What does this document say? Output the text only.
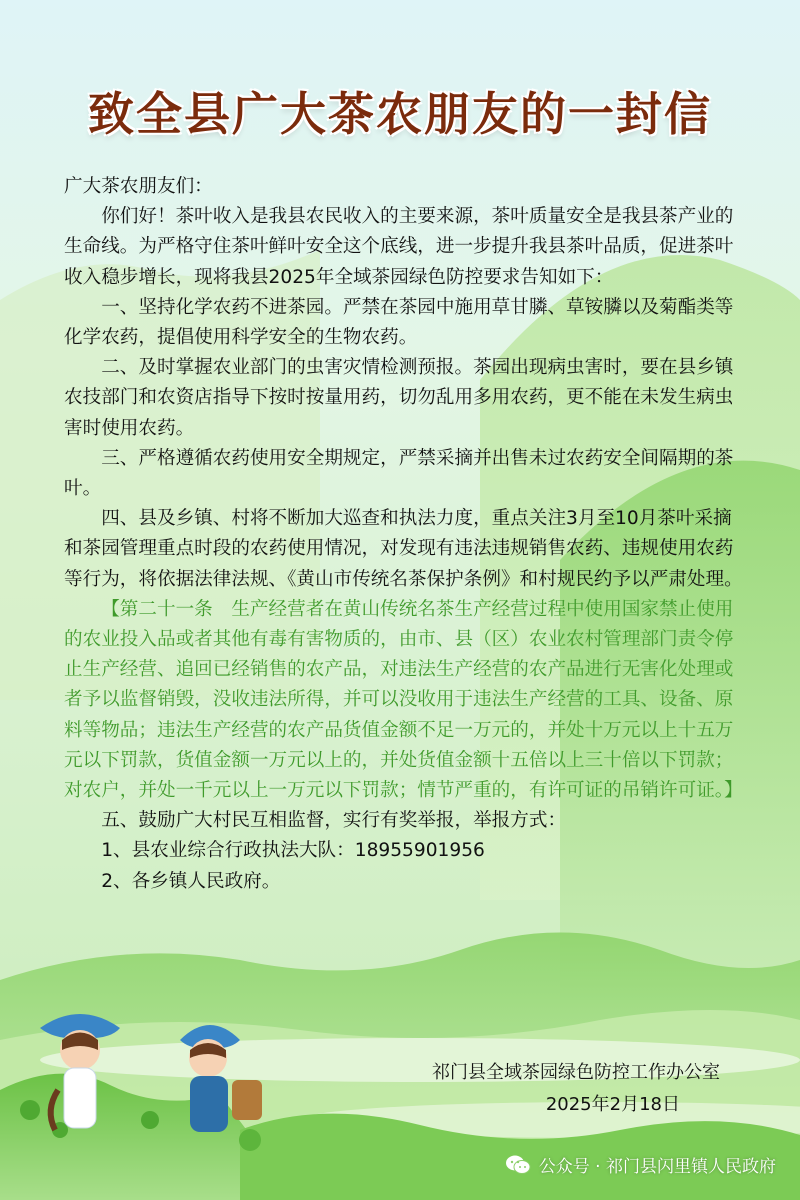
致全县广大茶农朋友的一封信

广大茶农朋友们：

你们好！茶叶收入是我县农民收入的主要来源，茶叶质量安全是我县茶产业的生命线。为严格守住茶叶鲜叶安全这个底线，进一步提升我县茶叶品质，促进茶叶收入稳步增长，现将我县2025年全域茶园绿色防控要求告知如下：

一、坚持化学农药不进茶园。严禁在茶园中施用草甘膦、草铵膦以及菊酯类等化学农药，提倡使用科学安全的生物农药。

二、及时掌握农业部门的虫害灾情检测预报。茶园出现病虫害时，要在县乡镇农技部门和农资店指导下按时按量用药，切勿乱用多用农药，更不能在未发生病虫害时使用农药。

三、严格遵循农药使用安全期规定，严禁采摘并出售未过农药安全间隔期的茶叶。

四、县及乡镇、村将不断加大巡查和执法力度，重点关注3月至10月茶叶采摘和茶园管理重点时段的农药使用情况，对发现有违法违规销售农药、违规使用农药等行为，将依据法律法规、《黄山市传统名茶保护条例》和村规民约予以严肃处理。

【第二十一条　生产经营者在黄山传统名茶生产经营过程中使用国家禁止使用的农业投入品或者其他有毒有害物质的，由市、县（区）农业农村管理部门责令停止生产经营、追回已经销售的农产品，对违法生产经营的农产品进行无害化处理或者予以监督销毁，没收违法所得，并可以没收用于违法生产经营的工具、设备、原料等物品；违法生产经营的农产品货值金额不足一万元的，并处十万元以上十五万元以下罚款，货值金额一万元以上的，并处货值金额十五倍以上三十倍以下罚款；对农户，并处一千元以上一万元以下罚款；情节严重的，有许可证的吊销许可证。】

五、鼓励广大村民互相监督，实行有奖举报，举报方式：

1、县农业综合行政执法大队：18955901956

2、各乡镇人民政府。

祁门县全域茶园绿色防控工作办公室
2025年2月18日
公众号 · 祁门县闪里镇人民政府
